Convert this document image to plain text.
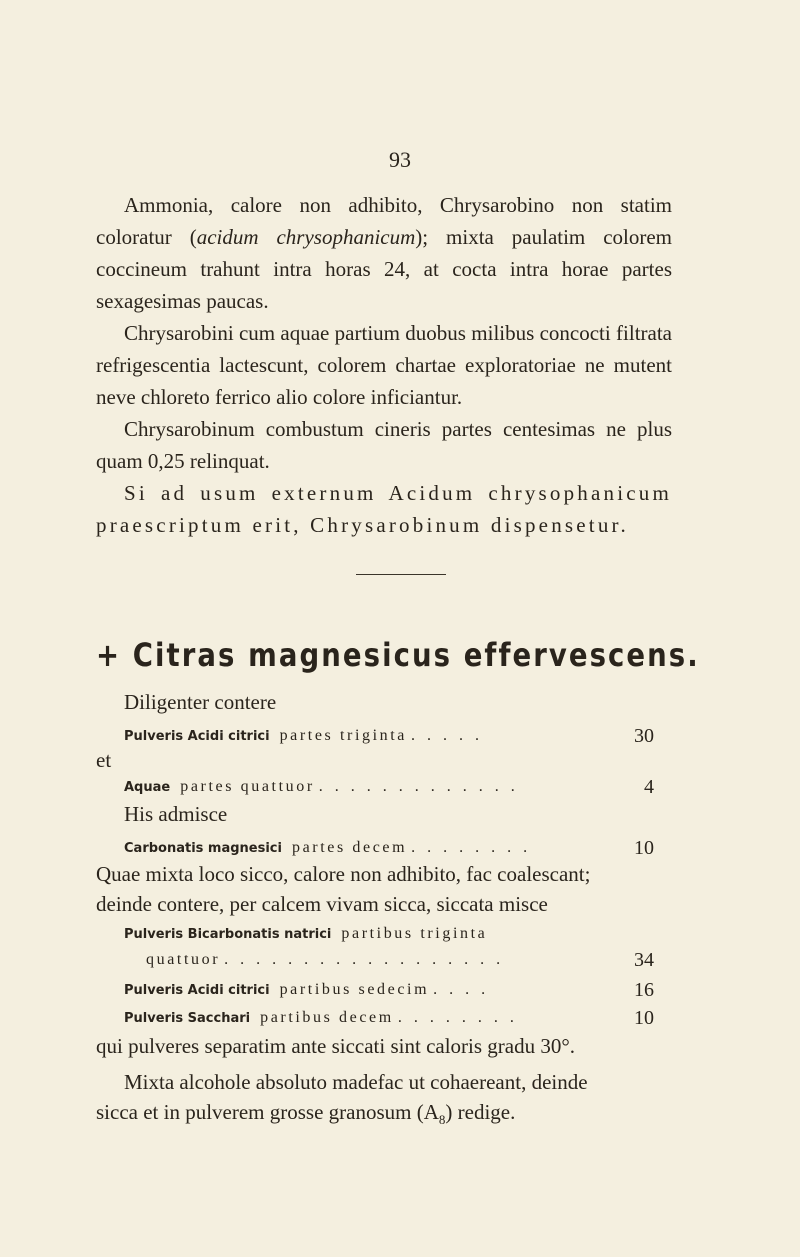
93

Ammonia, calore non adhibito, Chrysarobino non statim coloratur (acidum chrysophanicum); mixta paulatim colorem coccineum trahunt intra horas 24, at cocta intra horae partes sexagesimas paucas.

Chrysarobini cum aquae partium duobus milibus concocti filtrata refrigescentia lactescunt, colorem chartae exploratoriae ne mutent neve chloreto ferrico alio colore inficiantur.

Chrysarobinum combustum cineris partes centesimas ne plus quam 0,25 relinquat.

Si ad usum externum Acidum chrysophanicum praescriptum erit, Chrysarobinum dispensetur.

+ Citras magnesicus effervescens.
Diligenter contere
Pulveris Acidi citrici partes triginta . . . . .	30
et
Aquae partes quattuor . . . . . . . . . . . . .	4
His admisce
Carbonatis magnesici partes decem . . . . . . . .	10
Quae mixta loco sicco, calore non adhibito, fac coalescant;
deinde contere, per calcem vivam sicca, siccata misce
Pulveris Bicarbonatis natrici partibus triginta
quattuor . . . . . . . . . . . . . . . . . .	34
Pulveris Acidi citrici partibus sedecim . . . .	16
Pulveris Sacchari partibus decem . . . . . . . .	10
qui pulveres separatim ante siccati sint caloris gradu 30°.
Mixta alcohole absoluto madefac ut cohaereant, deinde
sicca et in pulverem grosse granosum $(A_8)$ redige.
